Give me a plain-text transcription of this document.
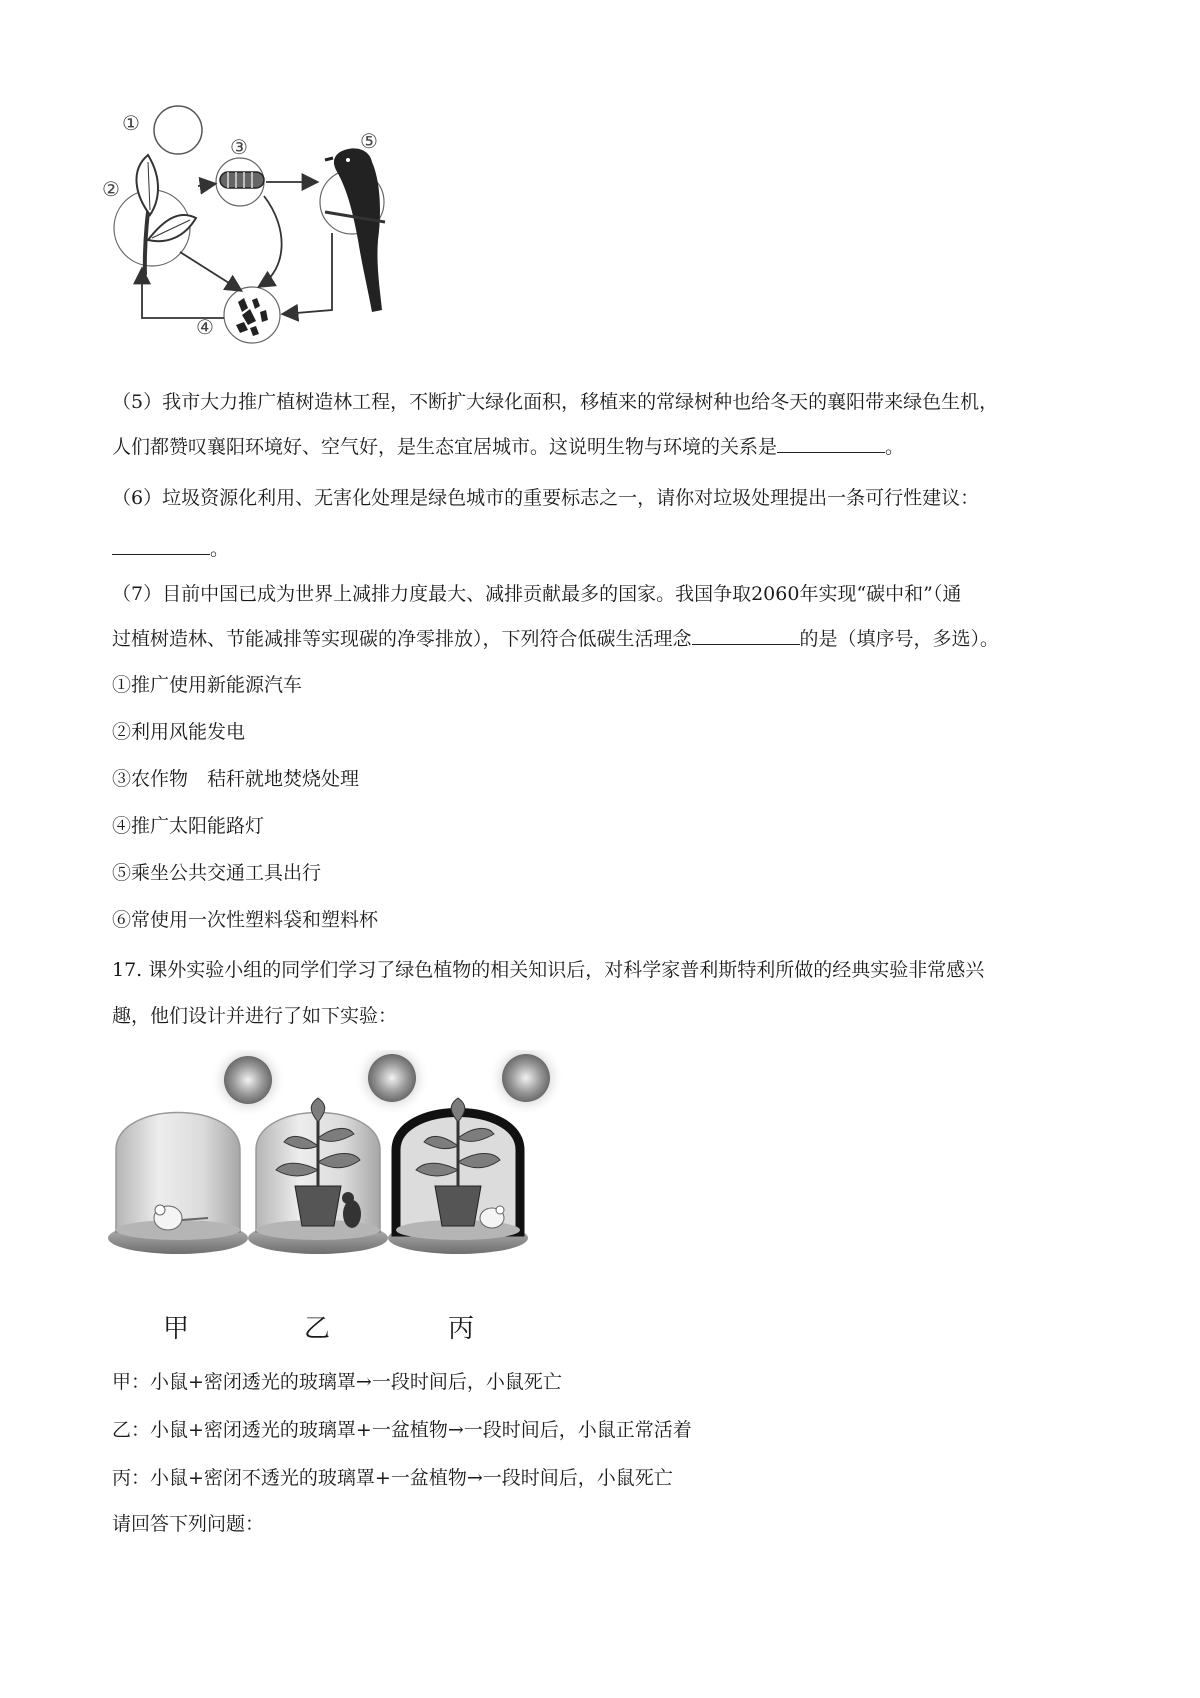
①
②
③	⑤
④
（5）我市大力推广植树造林工程，不断扩大绿化面积，移植来的常绿树种也给冬天的襄阳带来绿色生机，
人们都赞叹襄阳环境好、空气好，是生态宜居城市。这说明生物与环境的关系是	。
（6）垃圾资源化利用、无害化处理是绿色城市的重要标志之一，请你对垃圾处理提出一条可行性建议：
。
（7）目前中国已成为世界上减排力度最大、减排贡献最多的国家。我国争取2060年实现“碳中和”（通
过植树造林、节能减排等实现碳的净零排放），下列符合低碳生活理念	的是（填序号，多选）。
①推广使用新能源汽车
②利用风能发电
③农作物　秸秆就地焚烧处理
④推广太阳能路灯
⑤乘坐公共交通工具出行
⑥常使用一次性塑料袋和塑料杯
17. 课外实验小组的同学们学习了绿色植物的相关知识后，对科学家普利斯特利所做的经典实验非常感兴
趣，他们设计并进行了如下实验：
甲	乙	丙
甲：小鼠+密闭透光的玻璃罩→一段时间后，小鼠死亡
乙：小鼠+密闭透光的玻璃罩+一盆植物→一段时间后，小鼠正常活着
丙：小鼠+密闭不透光的玻璃罩+一盆植物→一段时间后，小鼠死亡
请回答下列问题：
